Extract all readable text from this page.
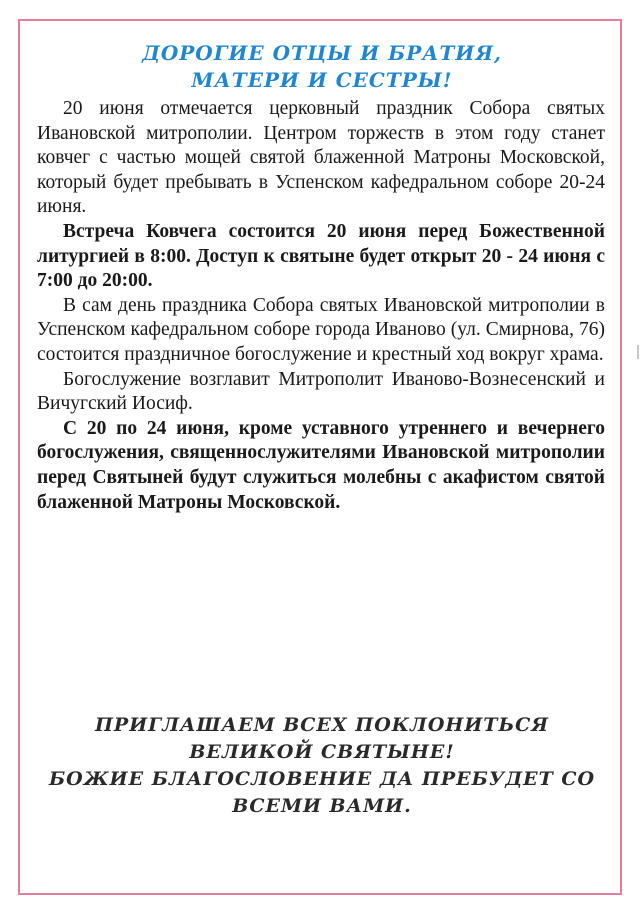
ДОРОГИЕ ОТЦЫ И БРАТИЯ,
МАТЕРИ И СЕСТРЫ!

20 июня отмечается церковный праздник Собора святых Ивановской митрополии. Центром торжеств в этом году станет ковчег с частью мощей святой блаженной Матроны Московской, который будет пребывать в Успенском кафедральном соборе 20-24 июня.

Встреча Ковчега состоится 20 июня перед Божественной литургией в 8:00. Доступ к святыне будет открыт 20 - 24 июня с 7:00 до 20:00.

В сам день праздника Собора святых Ивановской митрополии в Успенском кафедральном соборе города Иваново (ул. Смирнова, 76) состоится праздничное богослужение и крестный ход вокруг храма.

Богослужение возглавит Митрополит Иваново-Вознесенский и Вичугский Иосиф.

С 20 по 24 июня, кроме уставного утреннего и вечернего богослужения, священнослужителями Ивановской митрополии перед Святыней будут служиться молебны с акафистом святой блаженной Матроны Московской.

ПРИГЛАШАЕМ ВСЕХ ПОКЛОНИТЬСЯ
ВЕЛИКОЙ СВЯТЫНЕ!
БОЖИЕ БЛАГОСЛОВЕНИЕ ДА ПРЕБУДЕТ СО
ВСЕМИ ВАМИ.
